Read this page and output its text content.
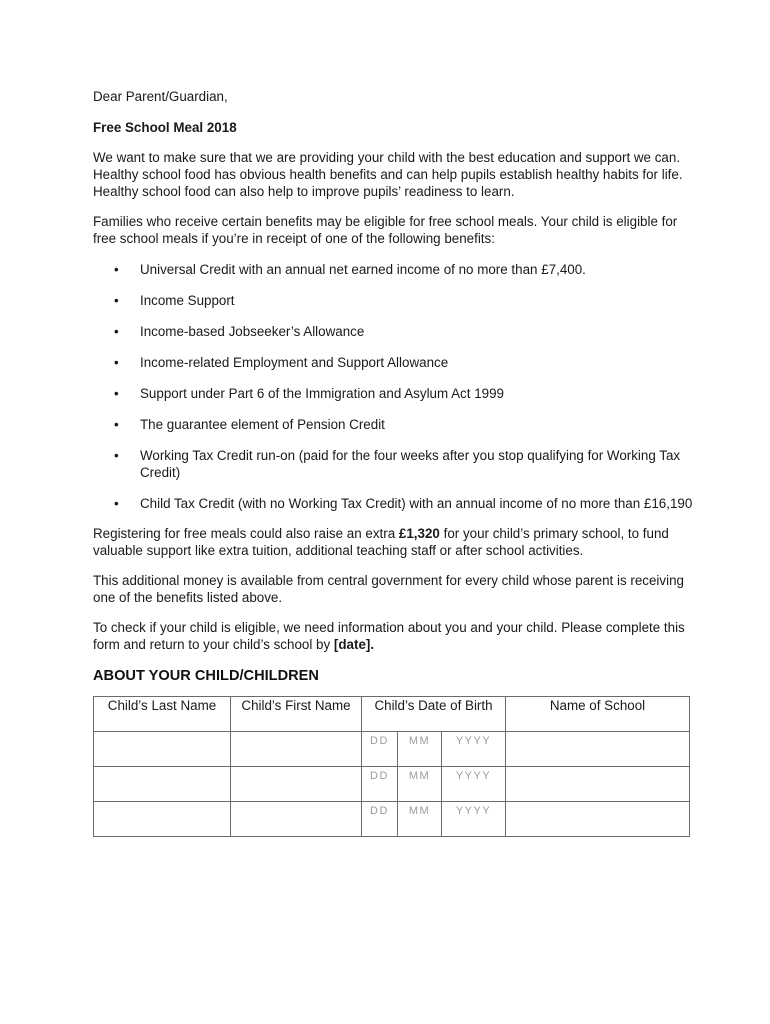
Dear Parent/Guardian,

Free School Meal 2018

We want to make sure that we are providing your child with the best education and support we can. Healthy school food has obvious health benefits and can help pupils establish healthy habits for life. Healthy school food can also help to improve pupils’ readiness to learn.

Families who receive certain benefits may be eligible for free school meals. Your child is eligible for free school meals if you’re in receipt of one of the following benefits:

• Universal Credit with an annual net earned income of no more than £7,400.
• Income Support
• Income-based Jobseeker’s Allowance
• Income-related Employment and Support Allowance
• Support under Part 6 of the Immigration and Asylum Act 1999
• The guarantee element of Pension Credit
• Working Tax Credit run-on (paid for the four weeks after you stop qualifying for Working Tax Credit)
• Child Tax Credit (with no Working Tax Credit) with an annual income of no more than £16,190

Registering for free meals could also raise an extra £1,320 for your child’s primary school, to fund valuable support like extra tuition, additional teaching staff or after school activities.

This additional money is available from central government for every child whose parent is receiving one of the benefits listed above.

To check if your child is eligible, we need information about you and your child. Please complete this form and return to your child’s school by [date].

ABOUT YOUR CHILD/CHILDREN
Child’s Last Name	Child’s First Name	Child’s Date of Birth	Name of School

		DD MM YYYY	

		DD MM YYYY	

		DD MM YYYY	
